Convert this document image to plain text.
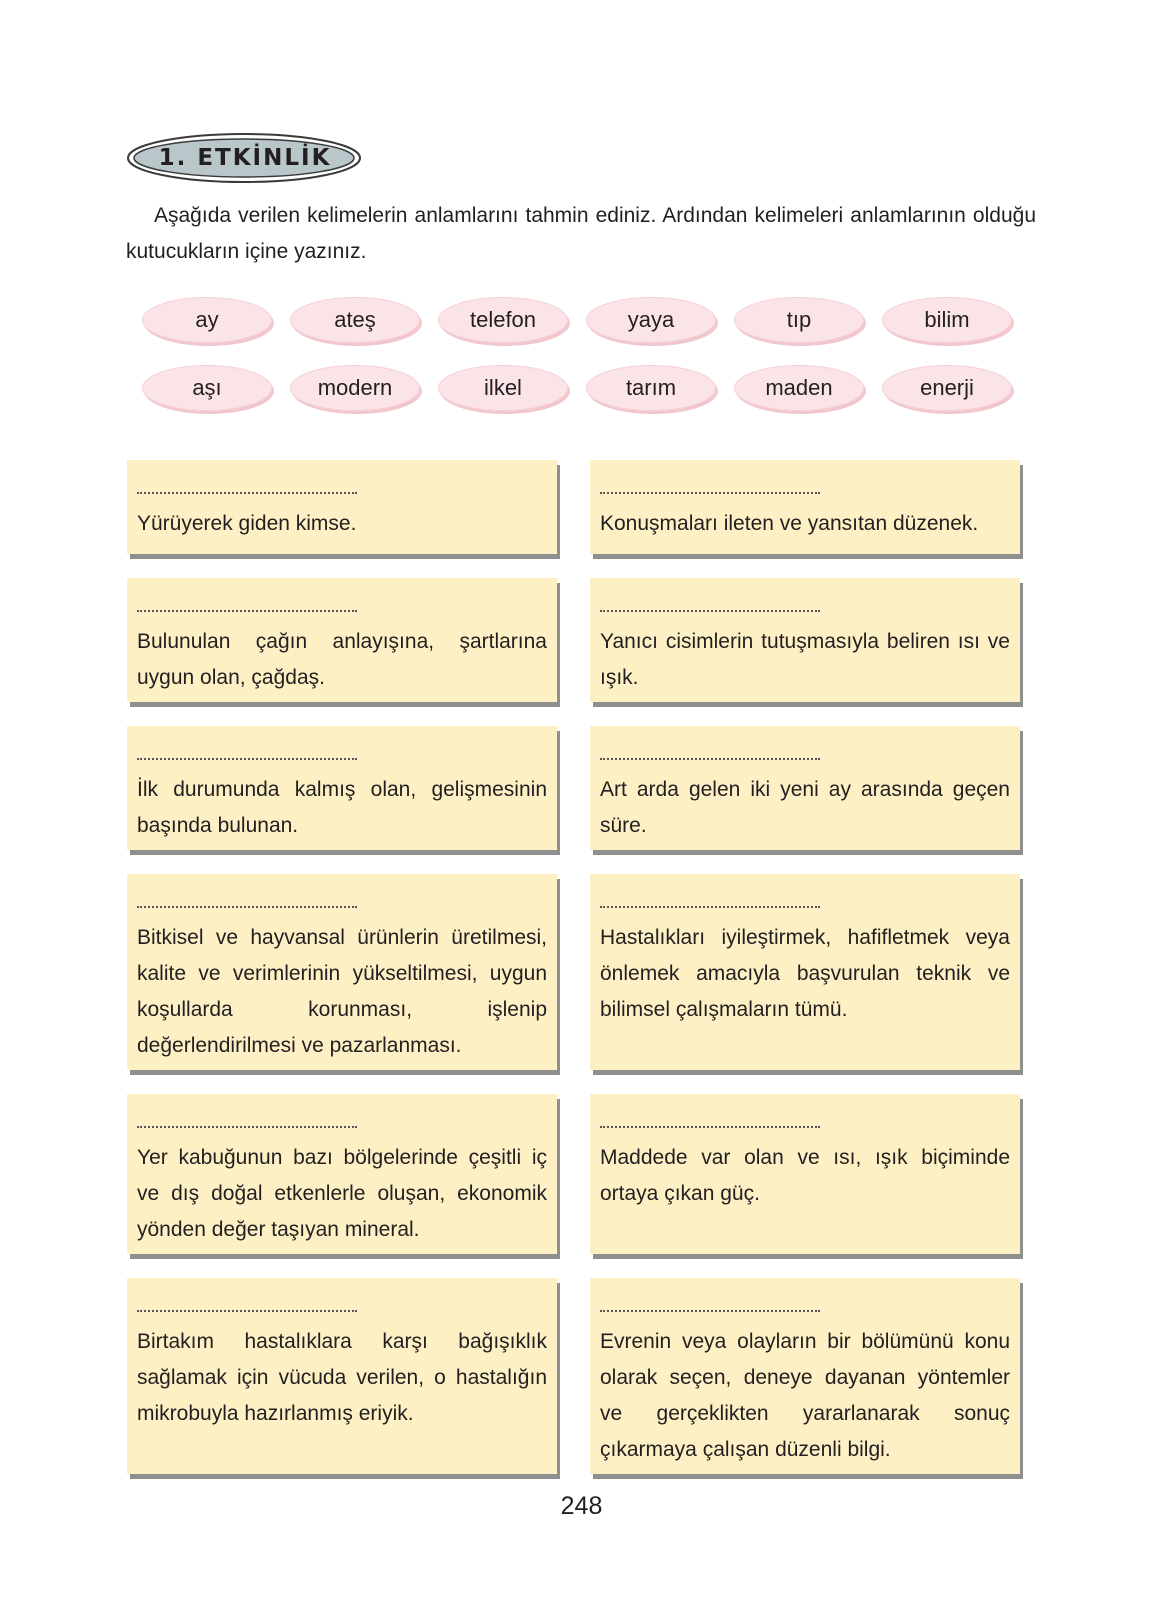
1. ETKİNLİK

Aşağıda verilen kelimelerin anlamlarını tahmin ediniz. Ardından kelimeleri anlamlarının olduğu kutucukların içine yazınız.

ay	ateş	telefon	yaya	tıp	bilim
aşı	modern	ilkel	tarım	maden	enerji
Yürüyerek giden kimse.	Konuşmaları ileten ve yansıtan düzenek.
Bulunulan çağın anlayışına, şartlarına uygun olan, çağdaş.
Yanıcı cisimlerin tutuşmasıyla beliren ısı ve ışık.
İlk durumunda kalmış olan, gelişmesinin başında bulunan.
Art arda gelen iki yeni ay arasında geçen süre.
Bitkisel ve hayvansal ürünlerin üretilmesi, kalite ve verimlerinin yükseltilmesi, uygun koşullarda korunması, işlenip değerlendirilmesi ve pazarlanması.
Hastalıkları iyileştirmek, hafifletmek veya önlemek amacıyla başvurulan teknik ve bilimsel çalışmaların tümü.
Yer kabuğunun bazı bölgelerinde çeşitli iç ve dış doğal etkenlerle oluşan, ekonomik yönden değer taşıyan mineral.
Maddede var olan ve ısı, ışık biçiminde ortaya çıkan güç.
Birtakım hastalıklara karşı bağışıklık sağlamak için vücuda verilen, o hastalığın mikrobuyla hazırlanmış eriyik.
Evrenin veya olayların bir bölümünü konu olarak seçen, deneye dayanan yöntemler ve gerçeklikten yararlanarak sonuç çıkarmaya çalışan düzenli bilgi.
248
